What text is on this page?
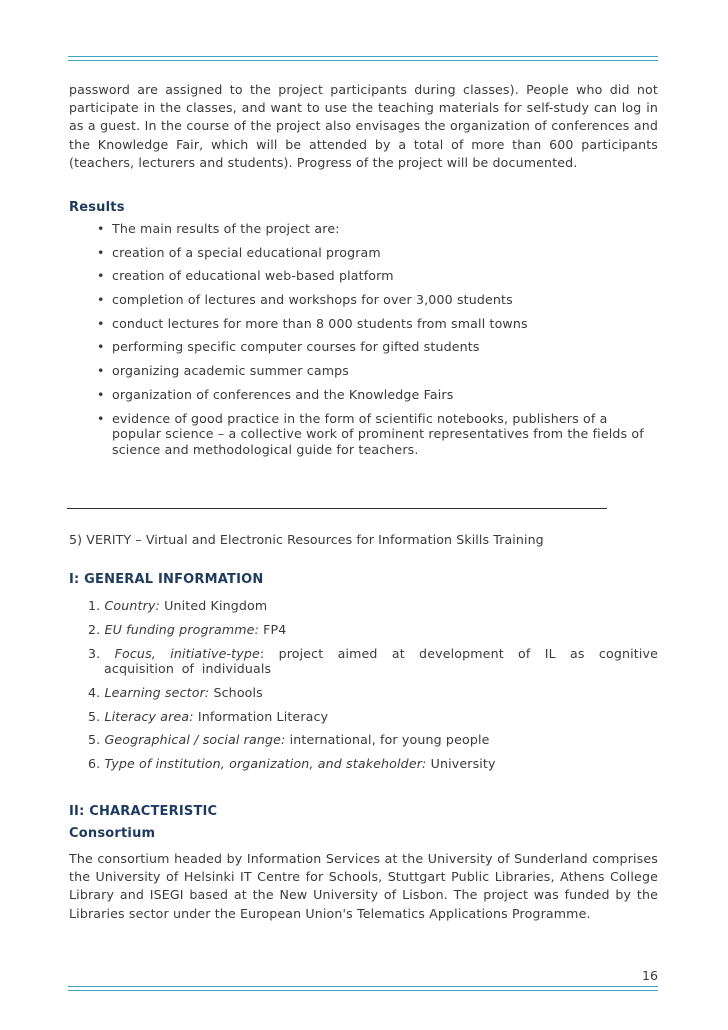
password are assigned to the project participants during classes). People who did not participate in the classes, and want to use the teaching materials for self-study can log in as a guest. In the course of the project also envisages the organization of conferences and the Knowledge Fair, which will be attended by a total of more than 600 participants (teachers, lecturers and students). Progress of the project will be documented.
Results
• The main results of the project are:
• creation of a special educational program
• creation of educational web-based platform
• completion of lectures and workshops for over 3,000 students
• conduct lectures for more than 8 000 students from small towns
• performing specific computer courses for gifted students
• organizing academic summer camps
• organization of conferences and the Knowledge Fairs
• evidence of good practice in the form of scientific notebooks, publishers of a popular science – a collective work of prominent representatives from the fields of science and methodological guide for teachers.
5) VERITY – Virtual and Electronic Resources for Information Skills Training
I: GENERAL INFORMATION
1. Country: United Kingdom
2. EU funding programme: FP4
3. Focus, initiative-type: project aimed at development of IL as cognitive acquisition of individuals
4. Learning sector: Schools
5. Literacy area: Information Literacy
5. Geographical / social range: international, for young people
6. Type of institution, organization, and stakeholder: University
II: CHARACTERISTIC
Consortium
The consortium headed by Information Services at the University of Sunderland comprises the University of Helsinki IT Centre for Schools, Stuttgart Public Libraries, Athens College Library and ISEGI based at the New University of Lisbon. The project was funded by the Libraries sector under the European Union's Telematics Applications Programme.
16
